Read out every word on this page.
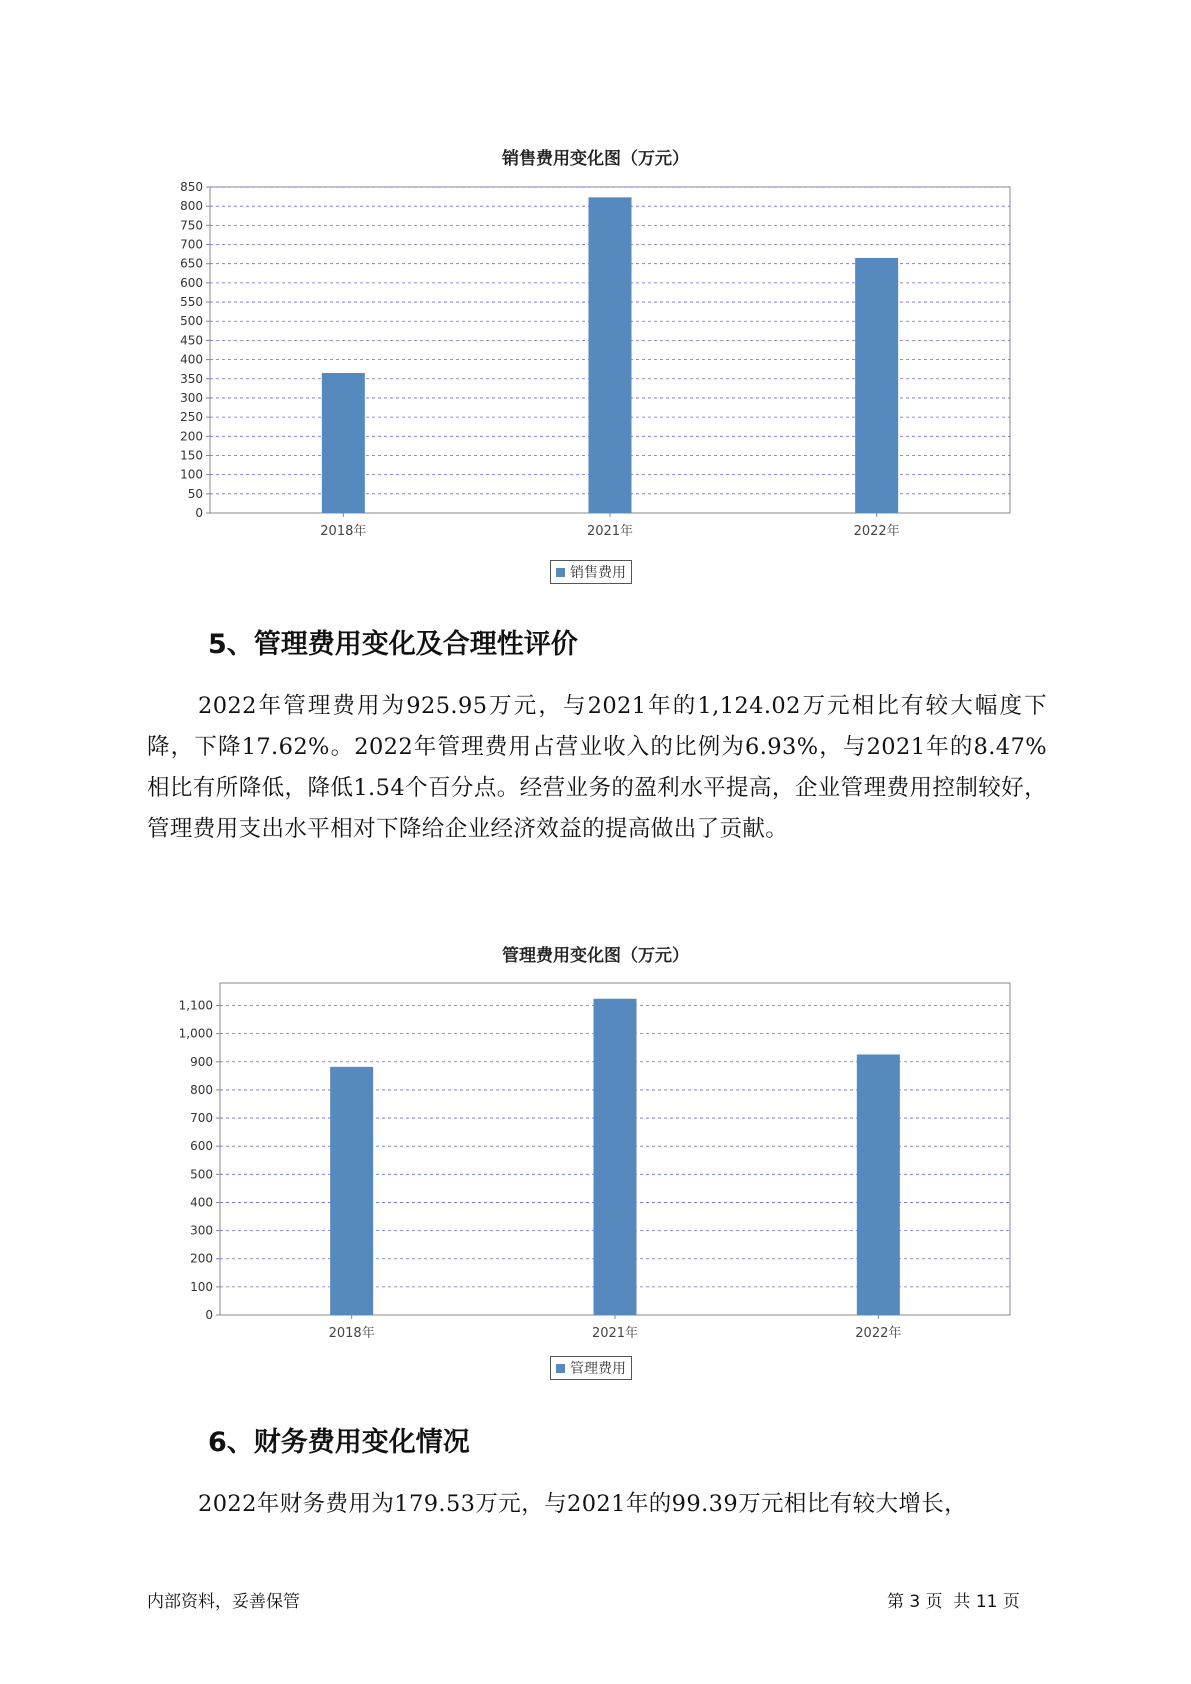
销售费用变化图（万元）
0
50
100
150
200
250
300
350
400
450
500
550
600
650
700
750
800
850
2018年	2021年	2022年
销售费用
5、管理费用变化及合理性评价

2022年管理费用为925.95万元，与2021年的1,124.02万元相比有较大幅度下降，下降17.62%。2022年管理费用占营业收入的比例为6.93%，与2021年的8.47%相比有所降低，降低1.54个百分点。经营业务的盈利水平提高，企业管理费用控制较好，管理费用支出水平相对下降给企业经济效益的提高做出了贡献。

管理费用变化图（万元）
0
100
200
300
400
500
600
700
800
900
1,000
1,100
2018年	2021年	2022年
管理费用
6、财务费用变化情况

2022年财务费用为179.53万元，与2021年的99.39万元相比有较大增长，

内部资料，妥善保管	第 3 页  共 11 页
